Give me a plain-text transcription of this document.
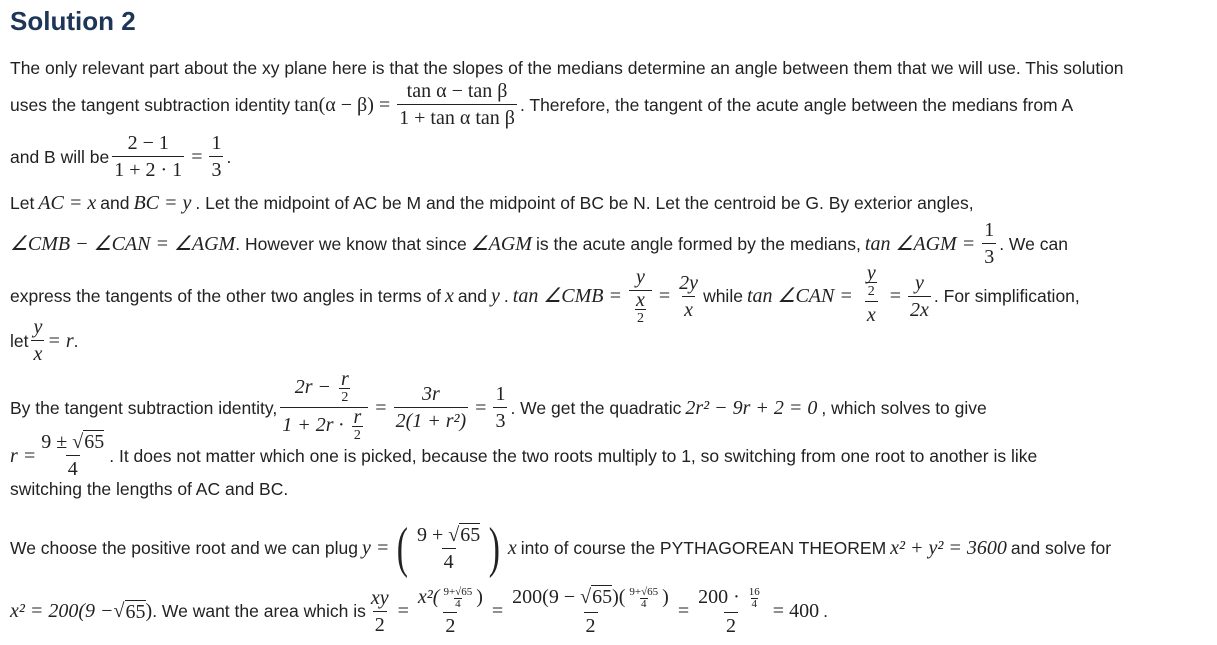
Solution 2
The only relevant part about the xy plane here is that the slopes of the medians determine an angle between them that we will use. This solution
uses the tangent subtraction identity $\tan(\alpha - \beta) = \frac{\text{tan α − tan β}}{\text{1 + tan α tan β}}$ . Therefore, the tangent of the acute angle between the medians from A
and B will be $\frac{2 - 1}{1 + 2 \cdot 1} = \frac{1}{3}$ .
Let AC = x and BC = y . Let the midpoint of AC be M and the midpoint of BC be N. Let the centroid be G. By exterior angles,
∠CMB − ∠CAN = ∠AGM . However we know that since ∠AGM is the acute angle formed by the medians, tan ∠AGM = $\frac{1}{3}$ . We can
express the tangents of the other two angles in terms of x and y . tan ∠CMB = $\frac{y}{\frac{x}{2}} = \frac{2y}{x}$ while tan ∠CAN = $\frac{\frac{y}{2}}{x} = \frac{y}{2x}$ . For simplification,
let $\frac{y}{x} = r$ .
By the tangent subtraction identity, $\frac{2r - \frac{r}{2}}{1 + 2r \cdot \frac{r}{2}} = \frac{3r}{\text{2(1 + r²)}} = \frac{1}{3}$ . We get the quadratic 2r² − 9r + 2 = 0 , which solves to give
$r = \frac{9 \pm √65}{4}$ . It does not matter which one is picked, because the two roots multiply to 1, so switching from one root to another is like
switching the lengths of AC and BC.
We choose the positive root and we can plug y = ( $\frac{9 + √65}{4}$ ) x into of course the PYTHAGOREAN THEOREM x² + y² = 3600 and solve for
x² = 200(9 − √ 65 ) . We want the area which is $\frac{xy}{2} = \frac{x^2( \frac{9+√65}{4} )}{2} = \frac{200(9 - √65)( \frac{9+√65}{4} )}{2} = \frac{200 \cdot \frac{16}{4}}{2} = 400$ .
